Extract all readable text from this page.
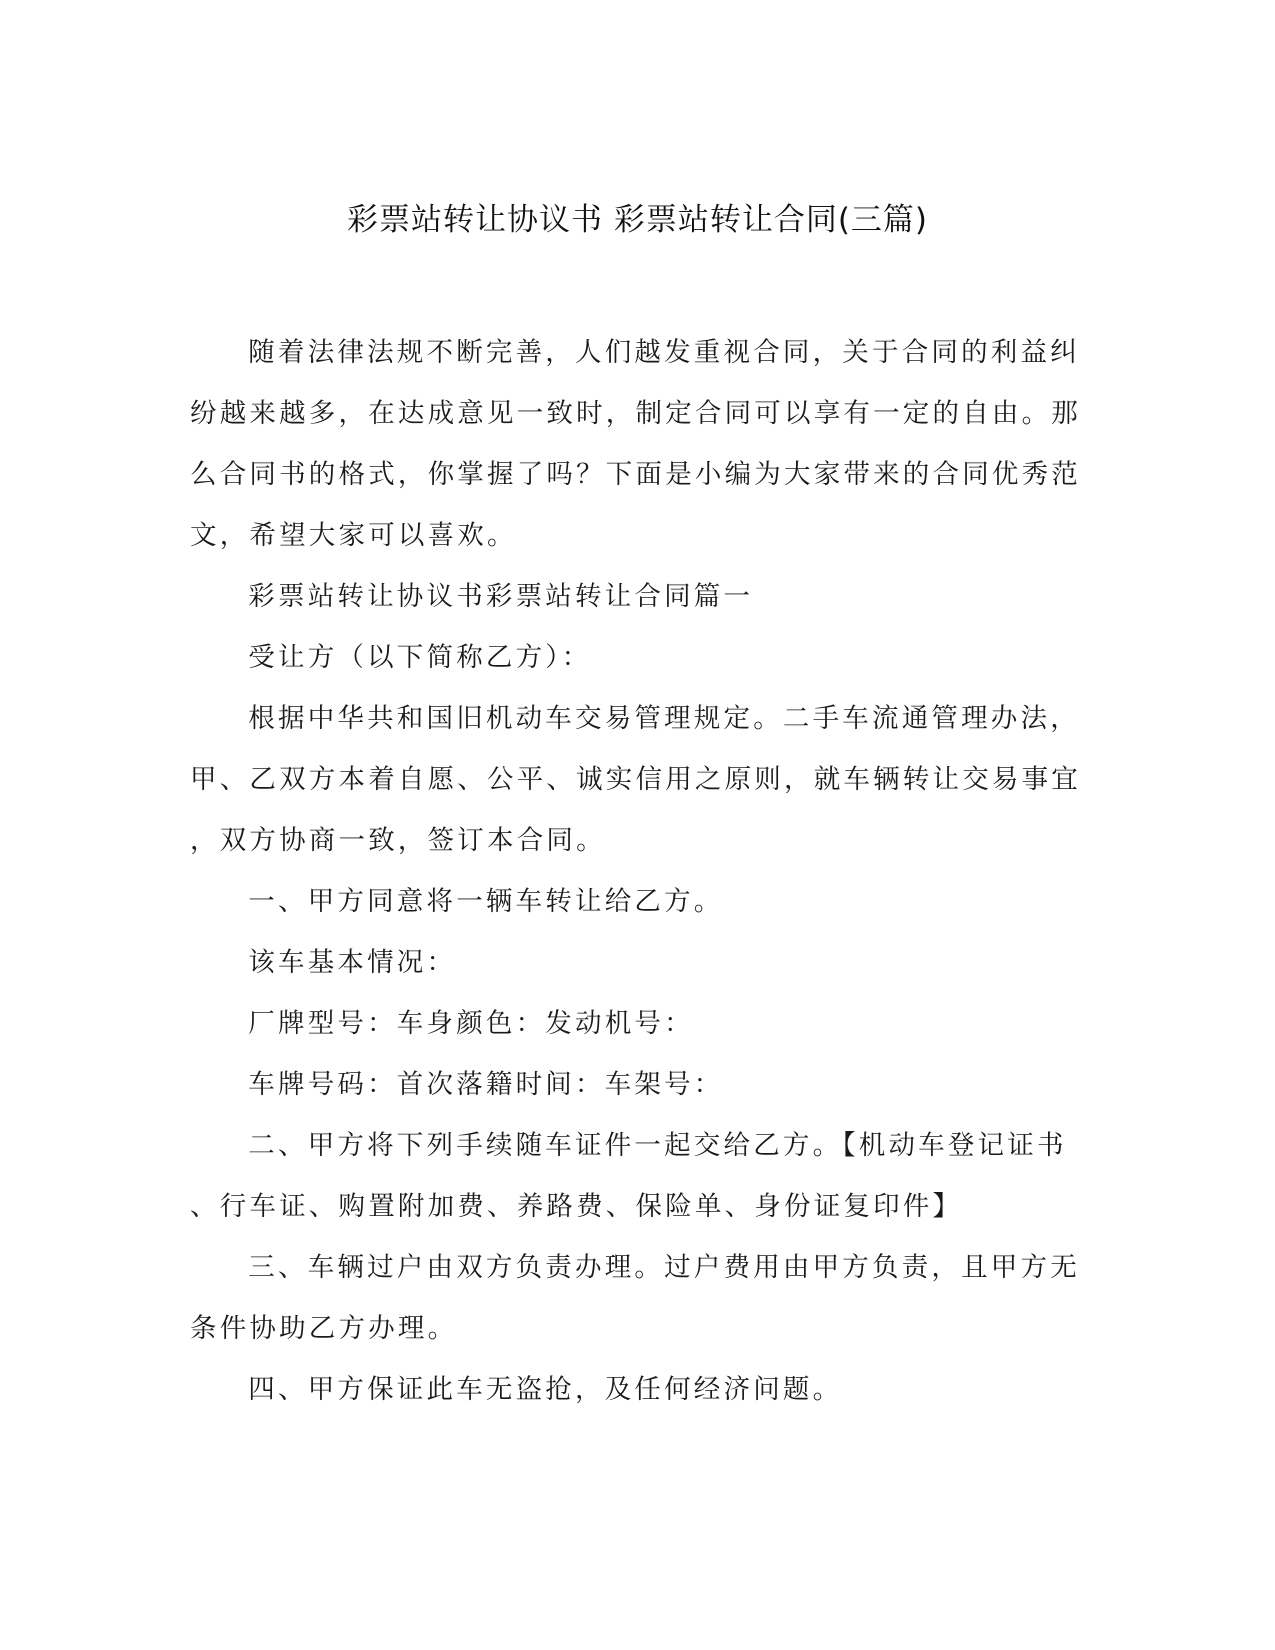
彩票站转让协议书 彩票站转让合同(三篇)

随着法律法规不断完善，人们越发重视合同，关于合同的利益纠

纷越来越多，在达成意见一致时，制定合同可以享有一定的自由。那

么合同书的格式，你掌握了吗？下面是小编为大家带来的合同优秀范

文，希望大家可以喜欢。

彩票站转让协议书彩票站转让合同篇一

受让方（以下简称乙方）：

根据中华共和国旧机动车交易管理规定。二手车流通管理办法，

甲、乙双方本着自愿、公平、诚实信用之原则，就车辆转让交易事宜

，双方协商一致，签订本合同。

一、甲方同意将一辆车转让给乙方。

该车基本情况：

厂牌型号：车身颜色：发动机号：

车牌号码：首次落籍时间：车架号：

二、甲方将下列手续随车证件一起交给乙方。【机动车登记证书

、行车证、购置附加费、养路费、保险单、身份证复印件】

三、车辆过户由双方负责办理。过户费用由甲方负责，且甲方无

条件协助乙方办理。

四、甲方保证此车无盗抢，及任何经济问题。
